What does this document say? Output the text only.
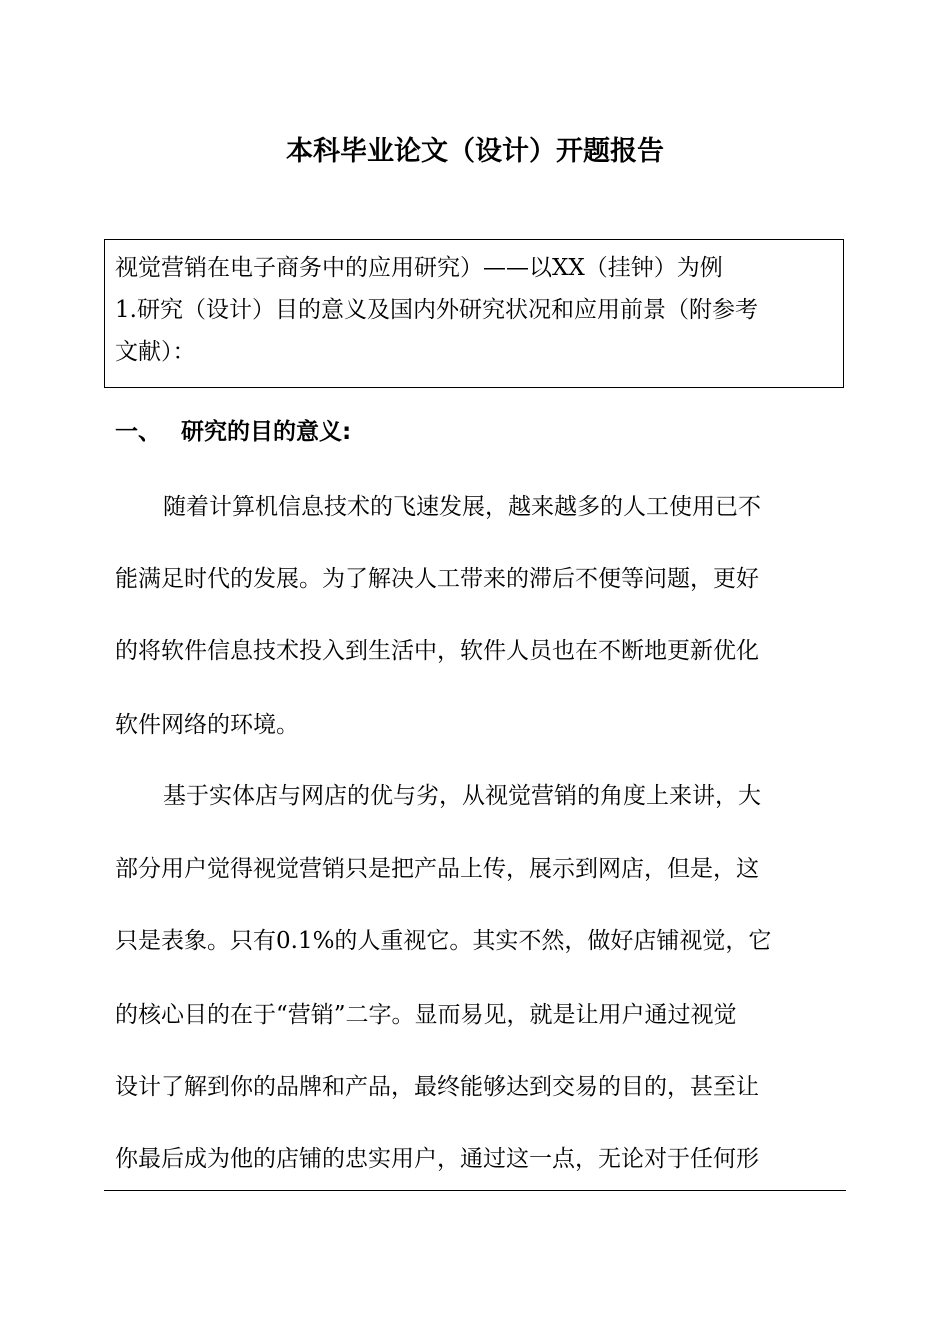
本科毕业论文（设计）开题报告
视觉营销在电子商务中的应用研究）——以XX（挂钟）为例
1.研究（设计）目的意义及国内外研究状况和应用前景（附参考
文献）：
一、 研究的目的意义:
随着计算机信息技术的飞速发展，越来越多的人工使用已不
能满足时代的发展。为了解决人工带来的滞后不便等问题，更好
的将软件信息技术投入到生活中，软件人员也在不断地更新优化
软件网络的环境。
基于实体店与网店的优与劣，从视觉营销的角度上来讲，大
部分用户觉得视觉营销只是把产品上传，展示到网店，但是，这
只是表象。只有0.1%的人重视它。其实不然，做好店铺视觉，它
的核心目的在于“营销”二字。显而易见，就是让用户通过视觉
设计了解到你的品牌和产品，最终能够达到交易的目的，甚至让
你最后成为他的店铺的忠实用户，通过这一点，无论对于任何形
